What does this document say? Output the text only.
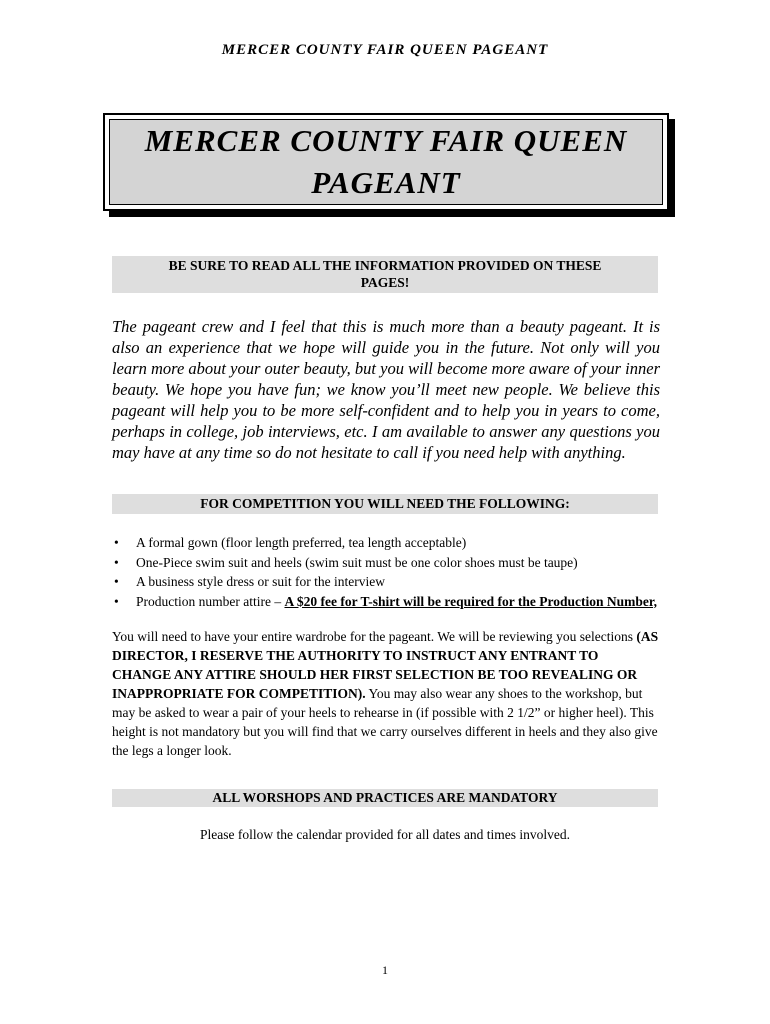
MERCER COUNTY FAIR QUEEN PAGEANT
MERCER COUNTY FAIR QUEEN
PAGEANT
BE SURE TO READ ALL THE INFORMATION PROVIDED ON THESE
PAGES!
The pageant crew and I feel that this is much more than a beauty pageant. It is also an experience that we hope will guide you in the future. Not only will you learn more about your outer beauty, but you will become more aware of your inner beauty. We hope you have fun; we know you’ll meet new people. We believe this pageant will help you to be more self-confident and to help you in years to come, perhaps in college, job interviews, etc. I am available to answer any questions you may have at any time so do not hesitate to call if you need help with anything.
FOR COMPETITION YOU WILL NEED THE FOLLOWING:
• A formal gown (floor length preferred, tea length acceptable)
• One-Piece swim suit and heels (swim suit must be one color shoes must be taupe)
• A business style dress or suit for the interview
• Production number attire – A $20 fee for T-shirt will be required for the Production Number,
You will need to have your entire wardrobe for the pageant. We will be reviewing you selections (AS DIRECTOR, I RESERVE THE AUTHORITY TO INSTRUCT ANY ENTRANT TO CHANGE ANY ATTIRE SHOULD HER FIRST SELECTION BE TOO REVEALING OR INAPPROPRIATE FOR COMPETITION). You may also wear any shoes to the workshop, but may be asked to wear a pair of your heels to rehearse in (if possible with 2 1/2” or higher heel). This height is not mandatory but you will find that we carry ourselves different in heels and they also give the legs a longer look.
ALL WORSHOPS AND PRACTICES ARE MANDATORY
Please follow the calendar provided for all dates and times involved.
1
